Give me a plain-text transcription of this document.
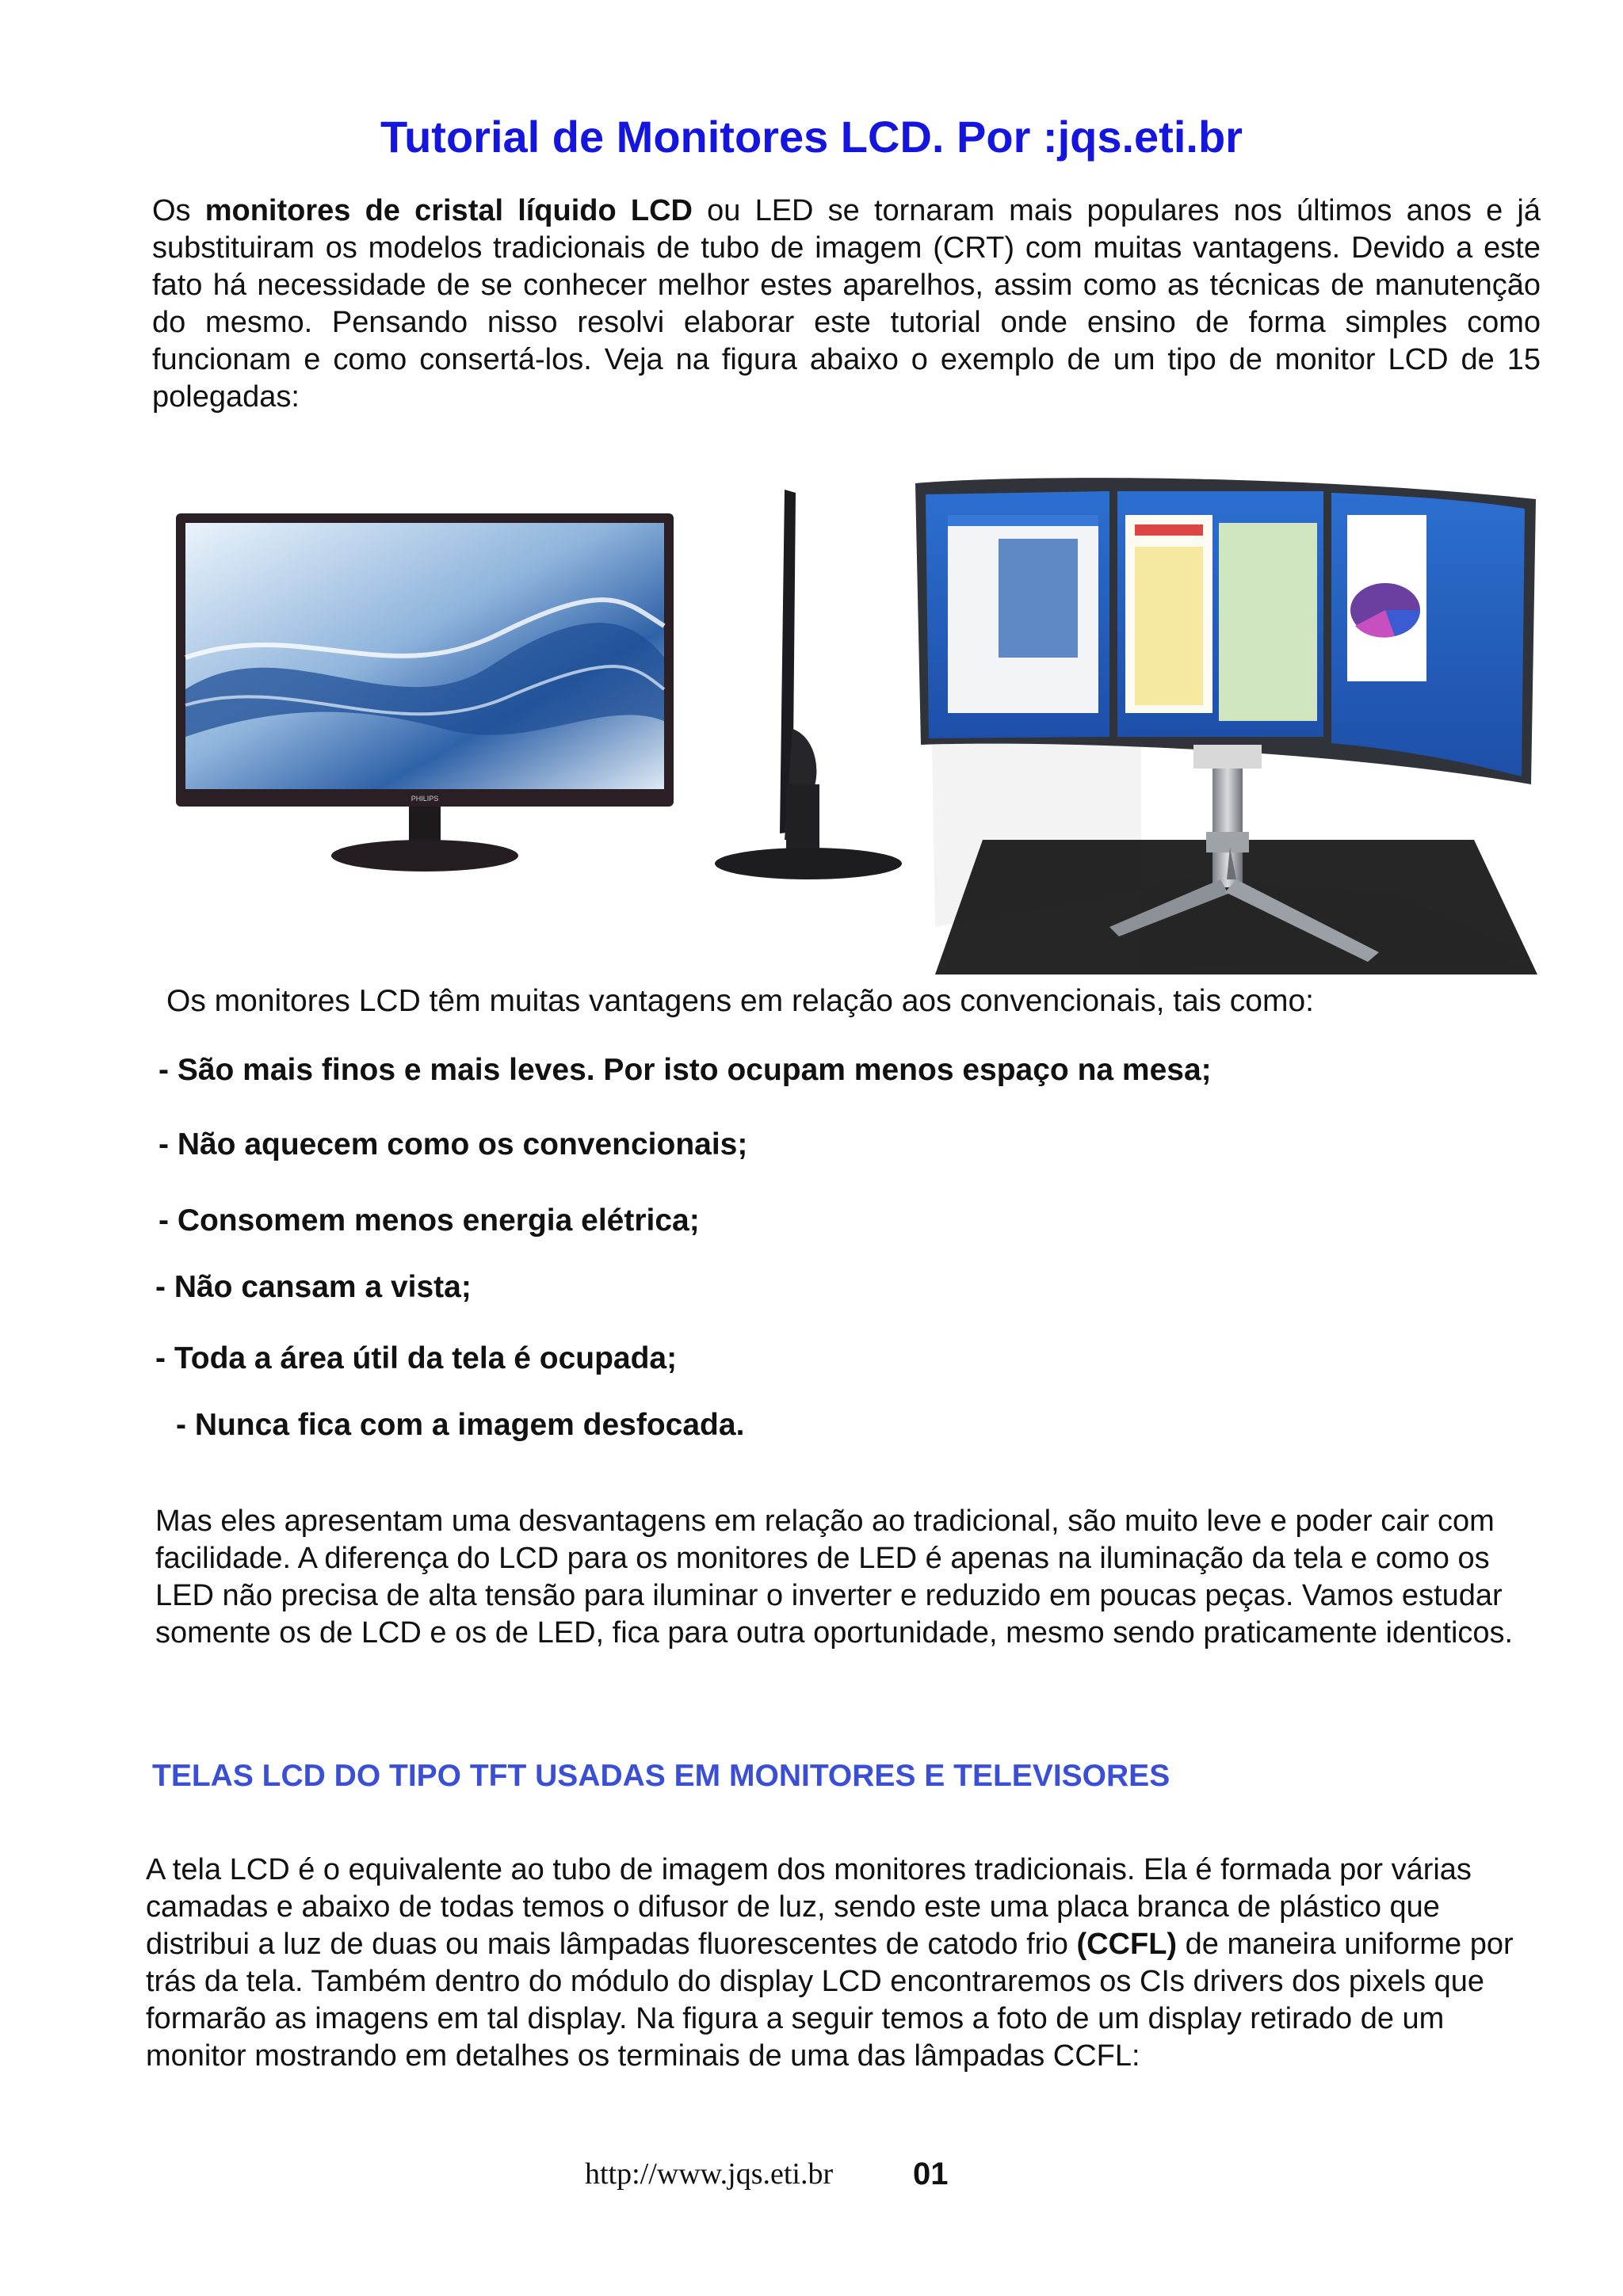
Tutorial de Monitores LCD. Por :jqs.eti.br
Os monitores de cristal líquido LCD ou LED se tornaram mais populares nos últimos anos e já substituiram os modelos tradicionais de tubo de imagem (CRT) com muitas vantagens. Devido a este fato há necessidade de se conhecer melhor estes aparelhos, assim como as técnicas de manutenção do mesmo. Pensando nisso resolvi elaborar este tutorial onde ensino de forma simples como funcionam e como consertá-los. Veja na figura abaixo o exemplo de um tipo de monitor LCD de 15 polegadas:
PHILIPS
Os monitores LCD têm muitas vantagens em relação aos convencionais, tais como:
- São mais finos e mais leves. Por isto ocupam menos espaço na mesa;
- Não aquecem como os convencionais;
- Consomem menos energia elétrica;
- Não cansam a vista;
- Toda a área útil da tela é ocupada;
- Nunca fica com a imagem desfocada.
Mas eles apresentam uma desvantagens em relação ao tradicional, são muito leve e poder cair com facilidade. A diferença do LCD para os monitores de LED é apenas na iluminação da tela e como os LED não precisa de alta tensão para iluminar o inverter e reduzido em poucas peças. Vamos estudar somente os de LCD e os de LED, fica para outra oportunidade, mesmo sendo praticamente identicos.
TELAS LCD DO TIPO TFT USADAS EM MONITORES E TELEVISORES
A tela LCD é o equivalente ao tubo de imagem dos monitores tradicionais. Ela é formada por várias camadas e abaixo de todas temos o difusor de luz, sendo este uma placa branca de plástico que distribui a luz de duas ou mais lâmpadas fluorescentes de catodo frio (CCFL) de maneira uniforme por trás da tela. Também dentro do módulo do display LCD encontraremos os CIs drivers dos pixels que formarão as imagens em tal display. Na figura a seguir temos a foto de um display retirado de um monitor mostrando em detalhes os terminais de uma das lâmpadas CCFL:
http://www.jqs.eti.br	01
